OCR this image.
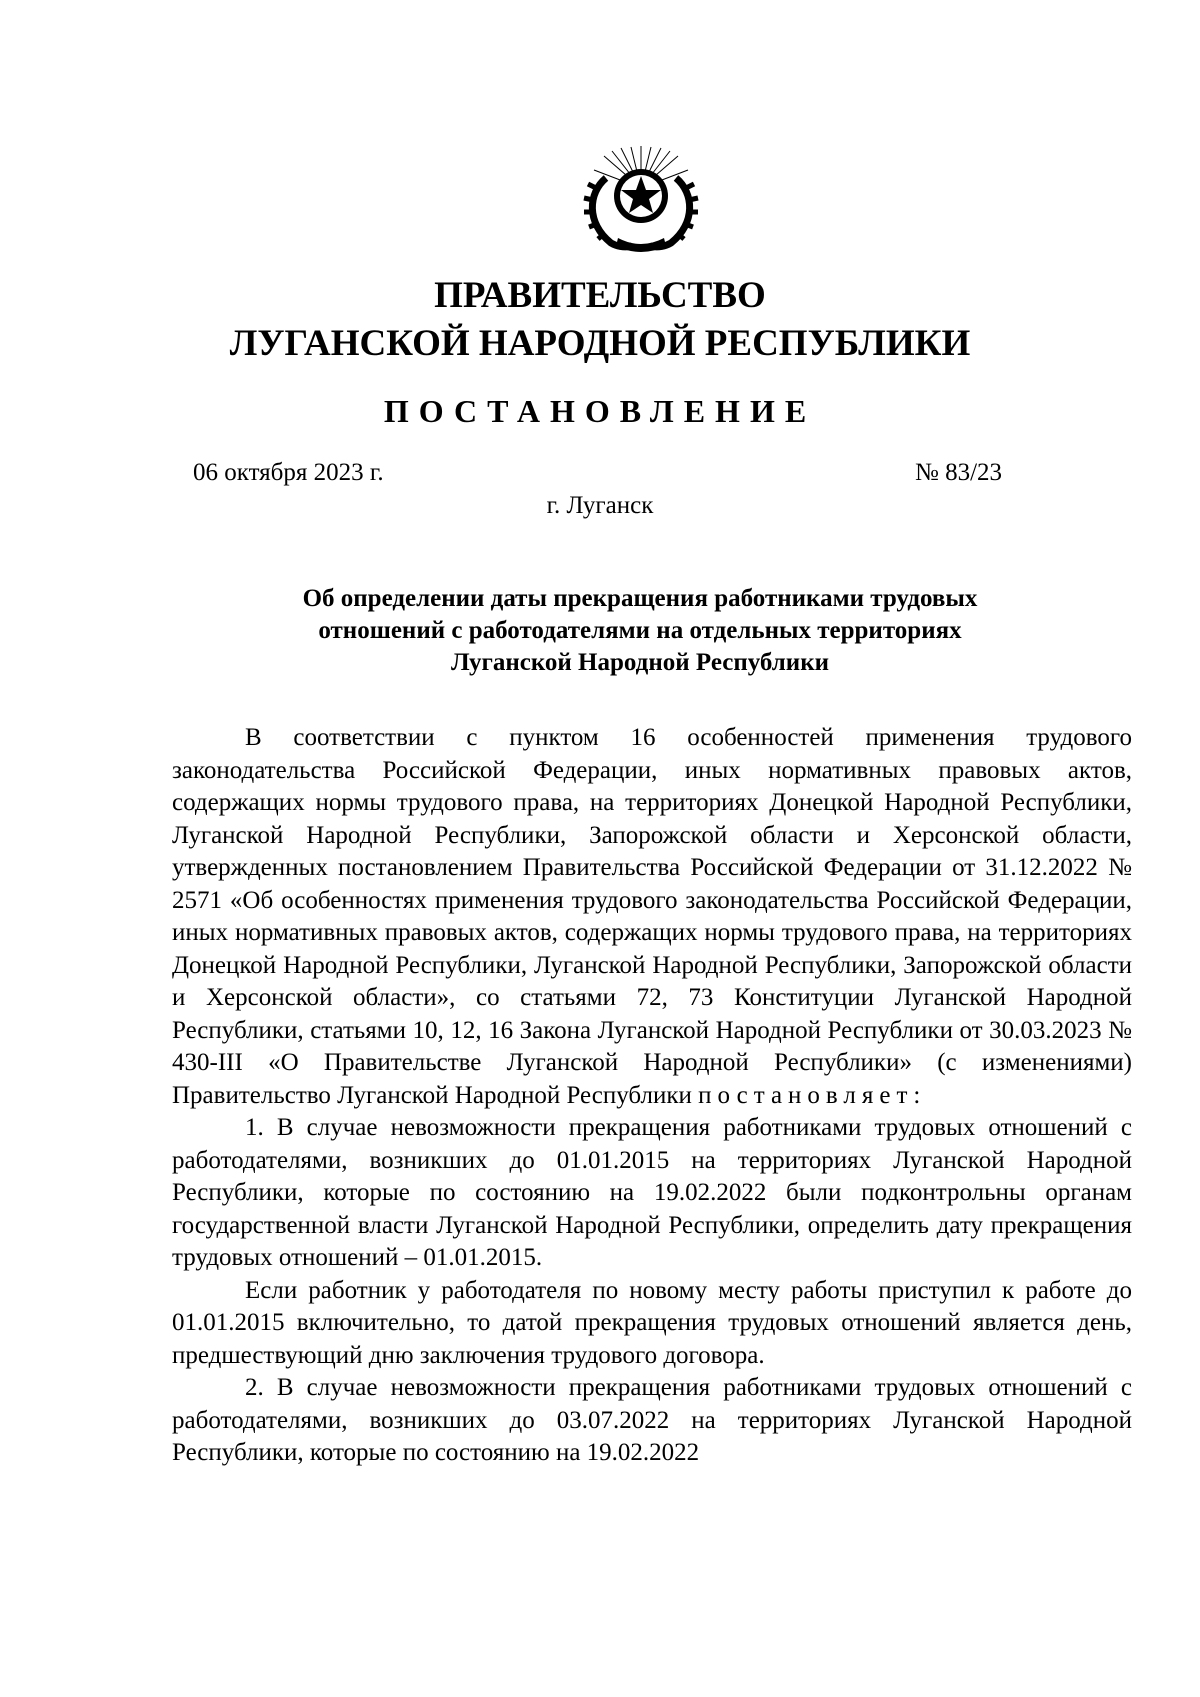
ПРАВИТЕЛЬСТВО
ЛУГАНСКОЙ НАРОДНОЙ РЕСПУБЛИКИ
ПОСТАНОВЛЕНИЕ
06 октября 2023 г.	№ 83/23
г. Луганск
Об определении даты прекращения работниками трудовых
отношений с работодателями на отдельных территориях
Луганской Народной Республики

В соответствии с пунктом 16 особенностей применения трудового законодательства Российской Федерации, иных нормативных правовых актов, содержащих нормы трудового права, на территориях Донецкой Народной Республики, Луганской Народной Республики, Запорожской области и Херсонской области, утвержденных постановлением Правительства Российской Федерации от 31.12.2022 № 2571 «Об особенностях применения трудового законодательства Российской Федерации, иных нормативных правовых актов, содержащих нормы трудового права, на территориях Донецкой Народной Республики, Луганской Народной Республики, Запорожской области и Херсонской области», со статьями 72, 73 Конституции Луганской Народной Республики, статьями 10, 12, 16 Закона Луганской Народной Республики от 30.03.2023 № 430-III «О Правительстве Луганской Народной Республики» (с изменениями) Правительство Луганской Народной Республики постановляет:

1. В случае невозможности прекращения работниками трудовых отношений с работодателями, возникших до 01.01.2015 на территориях Луганской Народной Республики, которые по состоянию на 19.02.2022 были подконтрольны органам государственной власти Луганской Народной Республики, определить дату прекращения трудовых отношений – 01.01.2015.

Если работник у работодателя по новому месту работы приступил к работе до 01.01.2015 включительно, то датой прекращения трудовых отношений является день, предшествующий дню заключения трудового договора.

2. В случае невозможности прекращения работниками трудовых отношений с работодателями, возникших до 03.07.2022 на территориях Луганской Народной Республики, которые по состоянию на 19.02.2022
